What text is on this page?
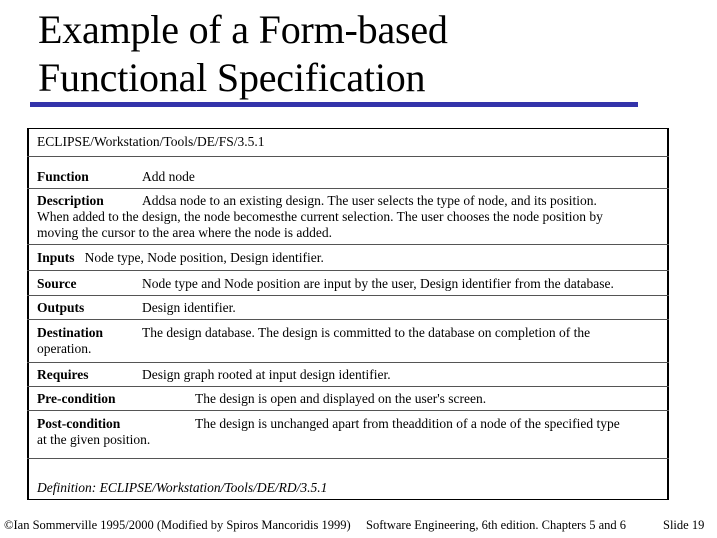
Example of a Form-based
Functional Specification
ECLIPSE/Workstation/Tools/DE/FS/3.5.1
Function	Add node
Description	Addsa node to an existing design. The user selects the type of node, and its position.
When added to the design, the node becomesthe current selection. The user chooses the node position by
moving the cursor to the area where the node is added.
Inputs Node type, Node position, Design identifier.
Source	Node type and Node position are input by the user, Design identifier from the database.
Outputs	Design identifier.
Destination	The design database. The design is committed to the database on completion of the
operation.
Requires	Design graph rooted at input design identifier.
Pre-condition	The design is open and displayed on the user's screen.
Post-condition	The design is unchanged apart from theaddition of a node of the specified type
at the given position.
Definition: ECLIPSE/Workstation/Tools/DE/RD/3.5.1
©Ian Sommerville 1995/2000 (Modified by Spiros Mancoridis 1999) Software Engineering, 6th edition. Chapters 5 and 6	Slide 19
